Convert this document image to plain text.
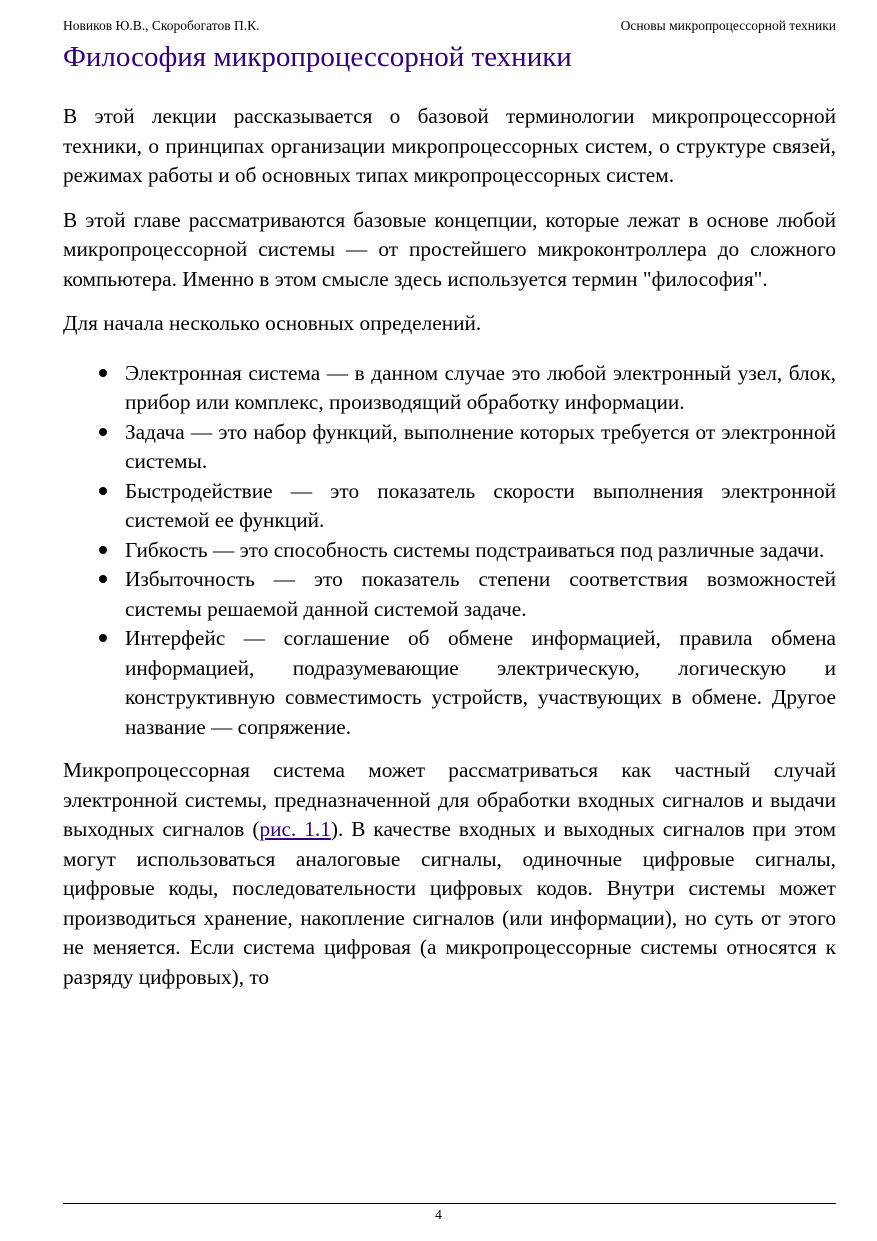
Новиков Ю.В., Скоробогатов П.К.	Основы микропроцессорной техники
Философия микропроцессорной техники

В этой лекции рассказывается о базовой терминологии микропроцессорной техники, о принципах организации микропроцессорных систем, о структуре связей, режимах работы и об основных типах микропроцессорных систем.

В этой главе рассматриваются базовые концепции, которые лежат в основе любой микропроцессорной системы — от простейшего микроконтроллера до сложного компьютера. Именно в этом смысле здесь используется термин "философия".

Для начала несколько основных определений.

Электронная система — в данном случае это любой электронный узел, блок, прибор или комплекс, производящий обработку информации.
Задача — это набор функций, выполнение которых требуется от электронной системы.
Быстродействие — это показатель скорости выполнения электронной системой ее функций.
Гибкость — это способность системы подстраиваться под различные задачи.
Избыточность — это показатель степени соответствия возможностей системы решаемой данной системой задаче.
Интерфейс — соглашение об обмене информацией, правила обмена информацией, подразумевающие электрическую, логическую и конструктивную совместимость устройств, участвующих в обмене. Другое название — сопряжение.

Микропроцессорная система может рассматриваться как частный случай электронной системы, предназначенной для обработки входных сигналов и выдачи выходных сигналов (рис. 1.1). В качестве входных и выходных сигналов при этом могут использоваться аналоговые сигналы, одиночные цифровые сигналы, цифровые коды, последовательности цифровых кодов. Внутри системы может производиться хранение, накопление сигналов (или информации), но суть от этого не меняется. Если система цифровая (а микропроцессорные системы относятся к разряду цифровых), то

4
